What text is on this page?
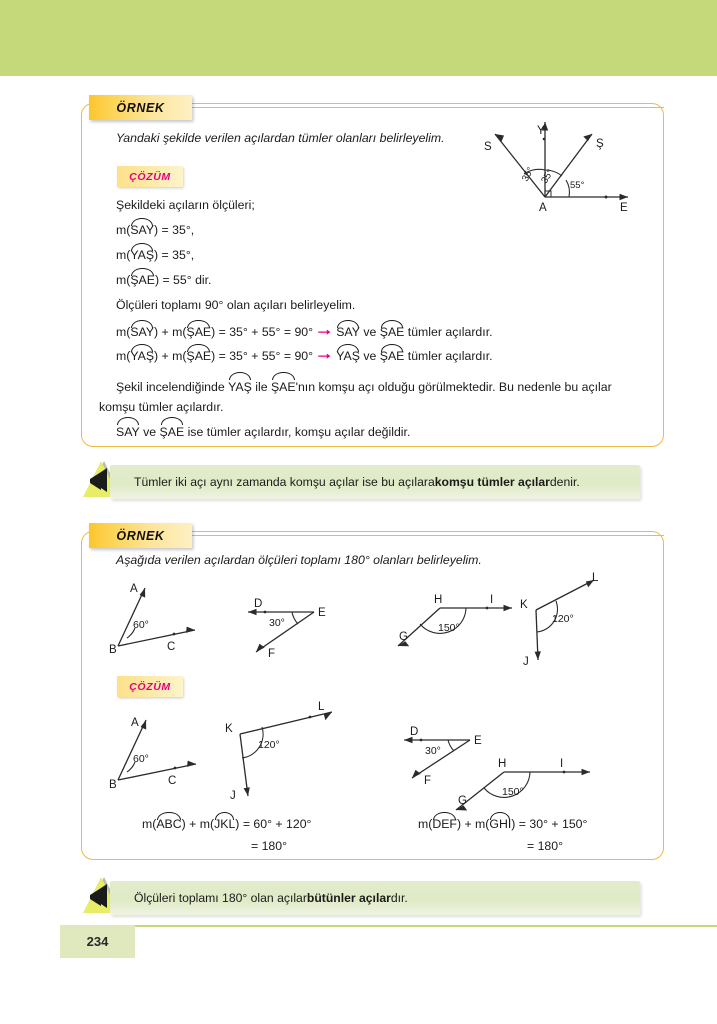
ÖRNEK
Yandaki şekilde verilen açılardan tümler olanları belirleyelim.
ÇÖZÜM
Şekildeki açıların ölçüleri;
m(SAY) = 35°,
m(YAŞ) = 35°,
m(ŞAE) = 55° dir.
Ölçüleri toplamı 90° olan açıları belirleyelim.
m(SAY) + m(ŞAE) = 35° + 55° = 90° ➞ SAY ve ŞAE tümler açılardır.
m(YAŞ) + m(ŞAE) = 35° + 55° = 90° ➞ YAŞ ve ŞAE tümler açılardır.
Şekil incelendiğinde YAŞ ile ŞAE'nın komşu açı olduğu görülmektedir. Bu nedenle bu açılar komşu tümler açılardır.
SAY ve ŞAE ise tümler açılardır, komşu açılar değildir.
S
Y
Ş
E
A
35° 35° 55°
Tümler iki açı aynı zamanda komşu açılar ise bu açılara komşu tümler açılar denir.
ÖRNEK
Aşağıda verilen açılardan ölçüleri toplamı 180° olanları belirleyelim.
ÇÖZÜM
A
B	C
60°
D
E
F
30°
H	I
G
150°
L
K
J
120°
A
B	C
60°
L
K
J
120°
D
E
F
30°
H	I
G
150°
m(ABC) + m(JKL) = 60° + 120°
= 180°
m(DEF) + m(GHI) = 30° + 150°
= 180°
Ölçüleri toplamı 180° olan açılar bütünler açılar dır.
234
